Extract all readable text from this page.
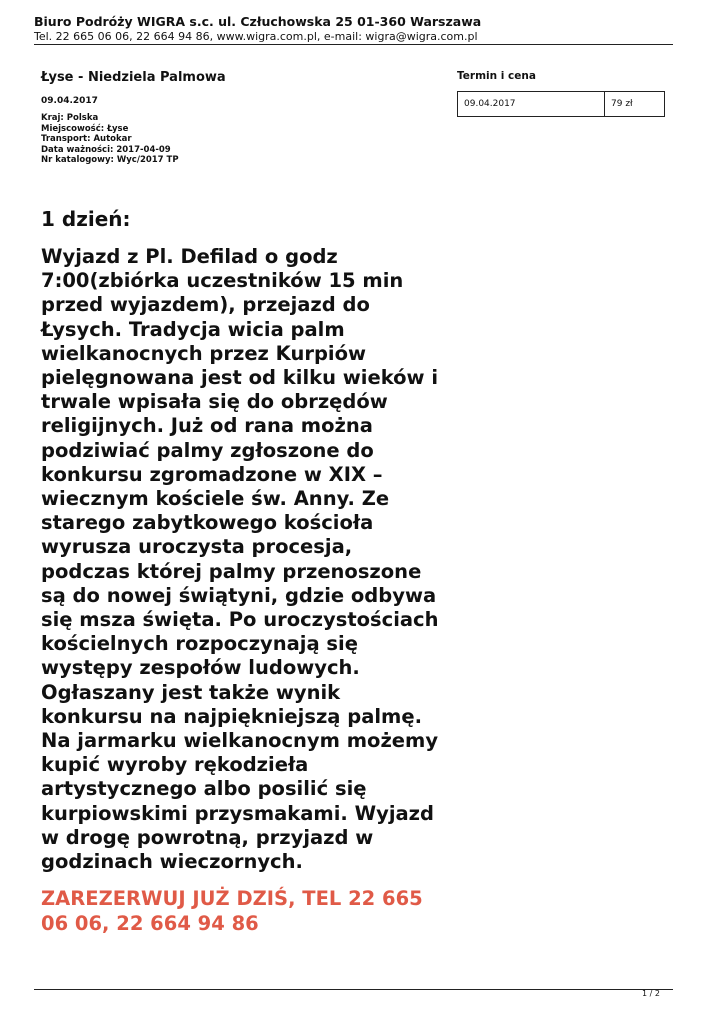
Biuro Podróży WIGRA s.c. ul. Człuchowska 25 01-360 Warszawa
Tel. 22 665 06 06, 22 664 94 86, www.wigra.com.pl, e-mail: wigra@wigra.com.pl
Łyse - Niedziela Palmowa
09.04.2017
Kraj: Polska
Miejscowość: Łyse
Transport: Autokar
Data ważności: 2017-04-09
Nr katalogowy: Wyc/2017 TP
Termin i cena
09.04.2017	79 zł
1 dzień:
Wyjazd z Pl. Defilad o godz
7:00(zbiórka uczestników 15 min
przed wyjazdem), przejazd do
Łysych. Tradycja wicia palm
wielkanocnych przez Kurpiów
pielęgnowana jest od kilku wieków i
trwale wpisała się do obrzędów
religijnych. Już od rana można
podziwiać palmy zgłoszone do
konkursu zgromadzone w XIX –
wiecznym kościele św. Anny. Ze
starego zabytkowego kościoła
wyrusza uroczysta procesja,
podczas której palmy przenoszone
są do nowej świątyni, gdzie odbywa
się msza święta. Po uroczystościach
kościelnych rozpoczynają się
występy zespołów ludowych.
Ogłaszany jest także wynik
konkursu na najpiękniejszą palmę.
Na jarmarku wielkanocnym możemy
kupić wyroby rękodzieła
artystycznego albo posilić się
kurpiowskimi przysmakami. Wyjazd
w drogę powrotną, przyjazd w
godzinach wieczornych.
ZAREZERWUJ JUŻ DZIŚ, TEL 22 665
06 06, 22 664 94 86
1 / 2
